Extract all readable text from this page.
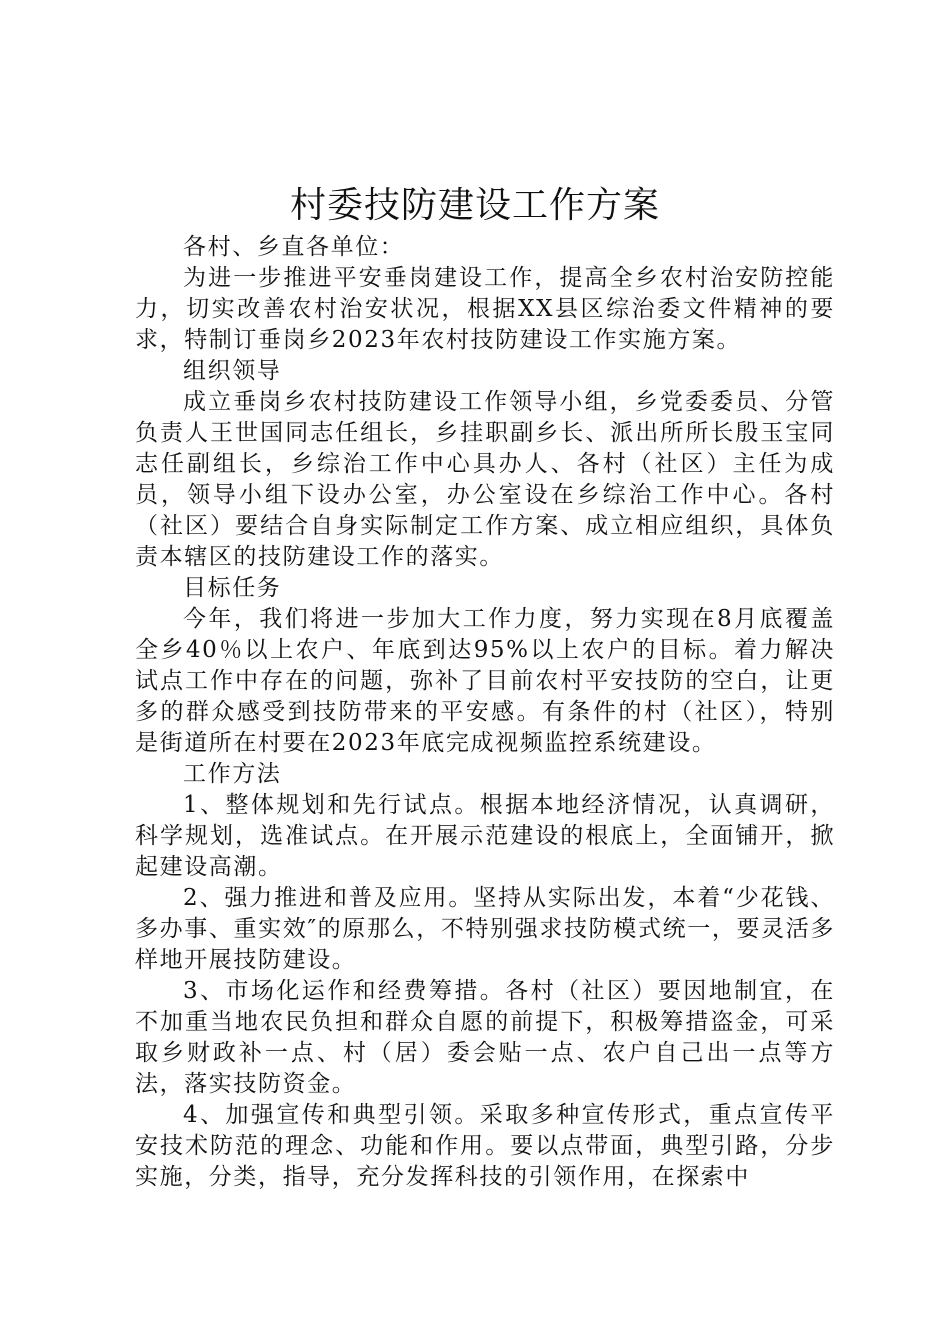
村委技防建设工作方案

各村、乡直各单位：

为进一步推进平安垂岗建设工作，提高全乡农村治安防控能力，切实改善农村治安状况，根据XX县区综治委文件精神的要求，特制订垂岗乡2023年农村技防建设工作实施方案。

组织领导

成立垂岗乡农村技防建设工作领导小组，乡党委委员、分管负责人王世国同志任组长，乡挂职副乡长、派出所所长殷玉宝同志任副组长，乡综治工作中心具办人、各村（社区）主任为成员，领导小组下设办公室，办公室设在乡综治工作中心。各村（社区）要结合自身实际制定工作方案、成立相应组织，具体负责本辖区的技防建设工作的落实。

目标任务

今年，我们将进一步加大工作力度，努力实现在8月底覆盖全乡40％以上农户、年底到达95%以上农户的目标。着力解决试点工作中存在的问题，弥补了目前农村平安技防的空白，让更多的群众感受到技防带来的平安感。有条件的村（社区），特别是街道所在村要在2023年底完成视频监控系统建设。

工作方法

1、整体规划和先行试点。根据本地经济情况，认真调研，科学规划，选准试点。在开展示范建设的根底上，全面铺开，掀起建设高潮。

2、强力推进和普及应用。坚持从实际出发，本着“少花钱、多办事、重实效″的原那么，不特别强求技防模式统一，要灵活多样地开展技防建设。

3、市场化运作和经费筹措。各村（社区）要因地制宜，在不加重当地农民负担和群众自愿的前提下，积极筹措盗金，可采取乡财政补一点、村（居）委会贴一点、农户自己出一点等方法，落实技防资金。

4、加强宣传和典型引领。采取多种宣传形式，重点宣传平安技术防范的理念、功能和作用。要以点带面，典型引路，分步实施，分类，指导，充分发挥科技的引领作用，在探索中
